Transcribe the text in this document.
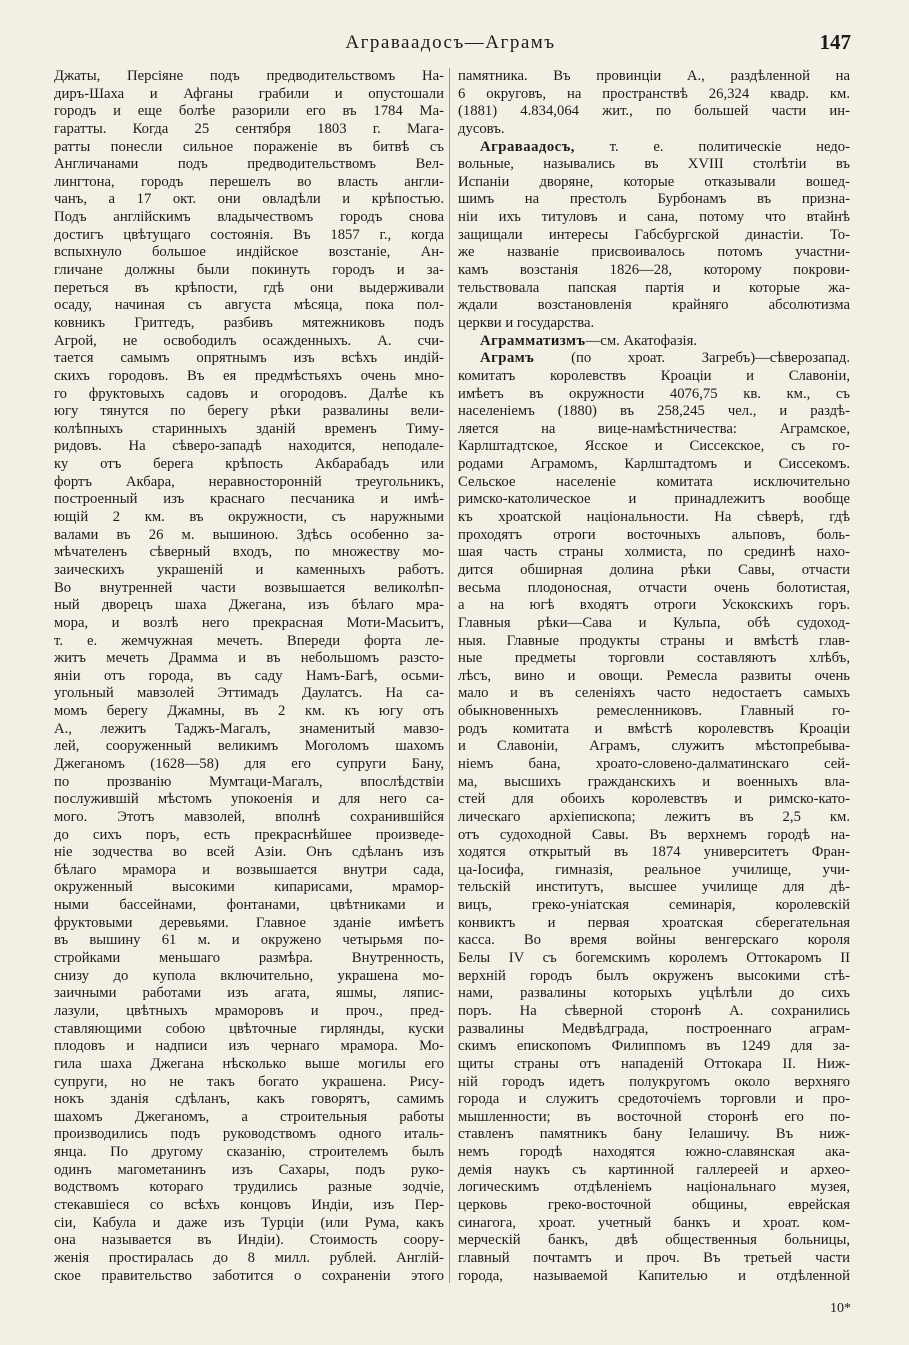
Аграваадосъ—Аграмъ	147
Джаты, Персіяне подъ предводительствомъ На-
диръ-Шаха и Афганы грабили и опустошали
городъ и еще болѣе разорили его въ 1784 Ма-
гаратты. Когда 25 сентября 1803 г. Мага-
ратты понесли сильное пораженіе въ битвѣ съ
Англичанами подъ предводительствомъ Вел-
лингтона, городъ перешелъ во власть англи-
чанъ, а 17 окт. они овладѣли и крѣпостью.
Подъ англійскимъ владычествомъ городъ снова
достигъ цвѣтущаго состоянія. Въ 1857 г., когда
вспыхнуло большое индійское возстаніе, Ан-
гличане должны были покинуть городъ и за-
переться въ крѣпости, гдѣ они выдерживали
осаду, начиная съ августа мѣсяца, пока пол-
ковникъ Гритгедъ, разбивъ мятежниковъ подъ
Агрой, не освободилъ осажденныхъ. А. счи-
тается самымъ опрятнымъ изъ всѣхъ индій-
скихъ городовъ. Въ ея предмѣстьяхъ очень мно-
го фруктовыхъ садовъ и огородовъ. Далѣе къ
югу тянутся по берегу рѣки развалины вели-
колѣпныхъ старинныхъ зданій временъ Тиму-
ридовъ. На сѣверо-западѣ находится, неподале-
ку отъ берега крѣпость Акбарабадъ или
фортъ Акбара, неравносторонній треугольникъ,
построенный изъ краснаго песчаника и имѣ-
ющій 2 км. въ окружности, съ наружными
валами въ 26 м. вышиною. Здѣсь особенно за-
мѣчателенъ сѣверный входъ, по множеству мо-
заическихъ украшеній и каменныхъ работъ.
Во внутренней части возвышается великолѣп-
ный дворецъ шаха Джегана, изъ бѣлаго мра-
мора, и возлѣ него прекрасная Моти-Масьитъ,
т. е. жемчужная мечеть. Впереди форта ле-
житъ мечеть Драмма и въ небольшомъ разсто-
яніи отъ города, въ саду Намъ-Багѣ, осьми-
угольный мавзолей Эттимадъ Даулатсъ. На са-
момъ берегу Джамны, въ 2 км. къ югу отъ
А., лежитъ Таджъ-Магалъ, знаменитый мавзо-
лей, сооруженный великимъ Моголомъ шахомъ
Джеганомъ (1628—58) для его супруги Бану,
по прозванію Мумтаци-Магалъ, впослѣдствіи
послужившій мѣстомъ упокоенія и для него са-
мого. Этотъ мавзолей, вполнѣ сохранившійся
до сихъ поръ, есть прекраснѣйшее произведе-
ніе зодчества во всей Азіи. Онъ сдѣланъ изъ
бѣлаго мрамора и возвышается внутри сада,
окруженный высокими кипарисами, мрамор-
ными бассейнами, фонтанами, цвѣтниками и
фруктовыми деревьями. Главное зданіе имѣетъ
въ вышину 61 м. и окружено четырьмя по-
стройками меньшаго размѣра. Внутренность,
снизу до купола включительно, украшена мо-
заичными работами изъ агата, яшмы, ляпис-
лазули, цвѣтныхъ мраморовъ и проч., пред-
ставляющими собою цвѣточные гирлянды, куски
плодовъ и надписи изъ чернаго мрамора. Мо-
гила шаха Джегана нѣсколько выше могилы его
супруги, но не такъ богато украшена. Рису-
нокъ зданія сдѣланъ, какъ говорятъ, самимъ
шахомъ Джеганомъ, а строительныя работы
производились подъ руководствомъ одного италь-
янца. По другому сказанію, строителемъ былъ
одинъ магометанинъ изъ Сахары, подъ руко-
водствомъ котораго трудились разные зодчіе,
стекавшіеся со всѣхъ концовъ Индіи, изъ Пер-
сіи, Кабула и даже изъ Турціи (или Рума, какъ
она называется въ Индіи). Стоимость соору-
женія простиралась до 8 милл. рублей. Англій-
ское правительство заботится о сохраненіи этого
памятника. Въ провинціи А., раздѣленной на
6 округовъ, на пространствѣ 26,324 квадр. км.
(1881) 4.834,064 жит., по большей части ин-
дусовъ.
Аграваадосъ, т. е. политическіе недо-
вольные, назывались въ XVIII столѣтіи въ
Испаніи дворяне, которые отказывали вошед-
шимъ на престолъ Бурбонамъ въ призна-
ніи ихъ титуловъ и сана, потому что втайнѣ
защищали интересы Габсбургской династіи. То-
же названіе присвоивалось потомъ участни-
камъ возстанія 1826—28, которому покрови-
тельствовала папская партія и которые жа-
ждали возстановленія крайняго абсолютизма
церкви и государства.
Аграмматизмъ—см. Акатофазія.
Аграмъ (по хроат. Загребъ)—сѣверозапад.
комитатъ королевствъ Кроаціи и Славоніи,
имѣетъ въ окружности 4076,75 кв. км., съ
населеніемъ (1880) въ 258,245 чел., и раздѣ-
ляется на вице-намѣстничества: Аграмское,
Карлштадтское, Ясское и Сиссекское, съ го-
родами Аграмомъ, Карлштадтомъ и Сиссекомъ.
Сельское населеніе комитата исключительно
римско-католическое и принадлежитъ вообще
къ хроатской національности. На сѣверѣ, гдѣ
проходятъ отроги восточныхъ альповъ, боль-
шая часть страны холмиста, по срединѣ нахо-
дится обширная долина рѣки Савы, отчасти
весьма плодоносная, отчасти очень болотистая,
а на югѣ входятъ отроги Ускокскихъ горъ.
Главныя рѣки—Сава и Кульпа, обѣ судоход-
ныя. Главные продукты страны и вмѣстѣ глав-
ные предметы торговли составляютъ хлѣбъ,
лѣсъ, вино и овощи. Ремесла развиты очень
мало и въ селеніяхъ часто недостаетъ самыхъ
обыкновенныхъ ремесленниковъ. Главный го-
родъ комитата и вмѣстѣ королевствъ Кроаціи
и Славоніи, Аграмъ, служитъ мѣстопребыва-
ніемъ бана, хроато-словено-далматинскаго сей-
ма, высшихъ гражданскихъ и военныхъ вла-
стей для обоихъ королевствъ и римско-като-
лическаго архіепископа; лежитъ въ 2,5 км.
отъ судоходной Савы. Въ верхнемъ городѣ на-
ходятся открытый въ 1874 университетъ Фран-
ца-Іосифа, гимназія, реальное училище, учи-
тельскій институтъ, высшее училище для дѣ-
вицъ, греко-уніатская семинарія, королевскій
конвиктъ и первая хроатская сберегательная
касса. Во время войны венгерскаго короля
Белы IV съ богемскимъ королемъ Оттокаромъ II
верхній городъ былъ окруженъ высокими стѣ-
нами, развалины которыхъ уцѣлѣли до сихъ
поръ. На сѣверной сторонѣ А. сохранились
развалины Медвѣдграда, построеннаго аграм-
скимъ епископомъ Филиппомъ въ 1249 для за-
щиты страны отъ нападеній Оттокара II. Ниж-
ній городъ идетъ полукругомъ около верхняго
города и служитъ средоточіемъ торговли и про-
мышленности; въ восточной сторонѣ его по-
ставленъ памятникъ бану Іелашичу. Въ ниж-
немъ городѣ находятся южно-славянская ака-
демія наукъ съ картинной галлереей и архео-
логическимъ отдѣленіемъ національнаго музея,
церковь греко-восточной общины, еврейская
синагога, хроат. учетный банкъ и хроат. ком-
мерческій банкъ, двѣ общественныя больницы,
главный почтамтъ и проч. Въ третьей части
города, называемой Капителью и отдѣленной
10*
